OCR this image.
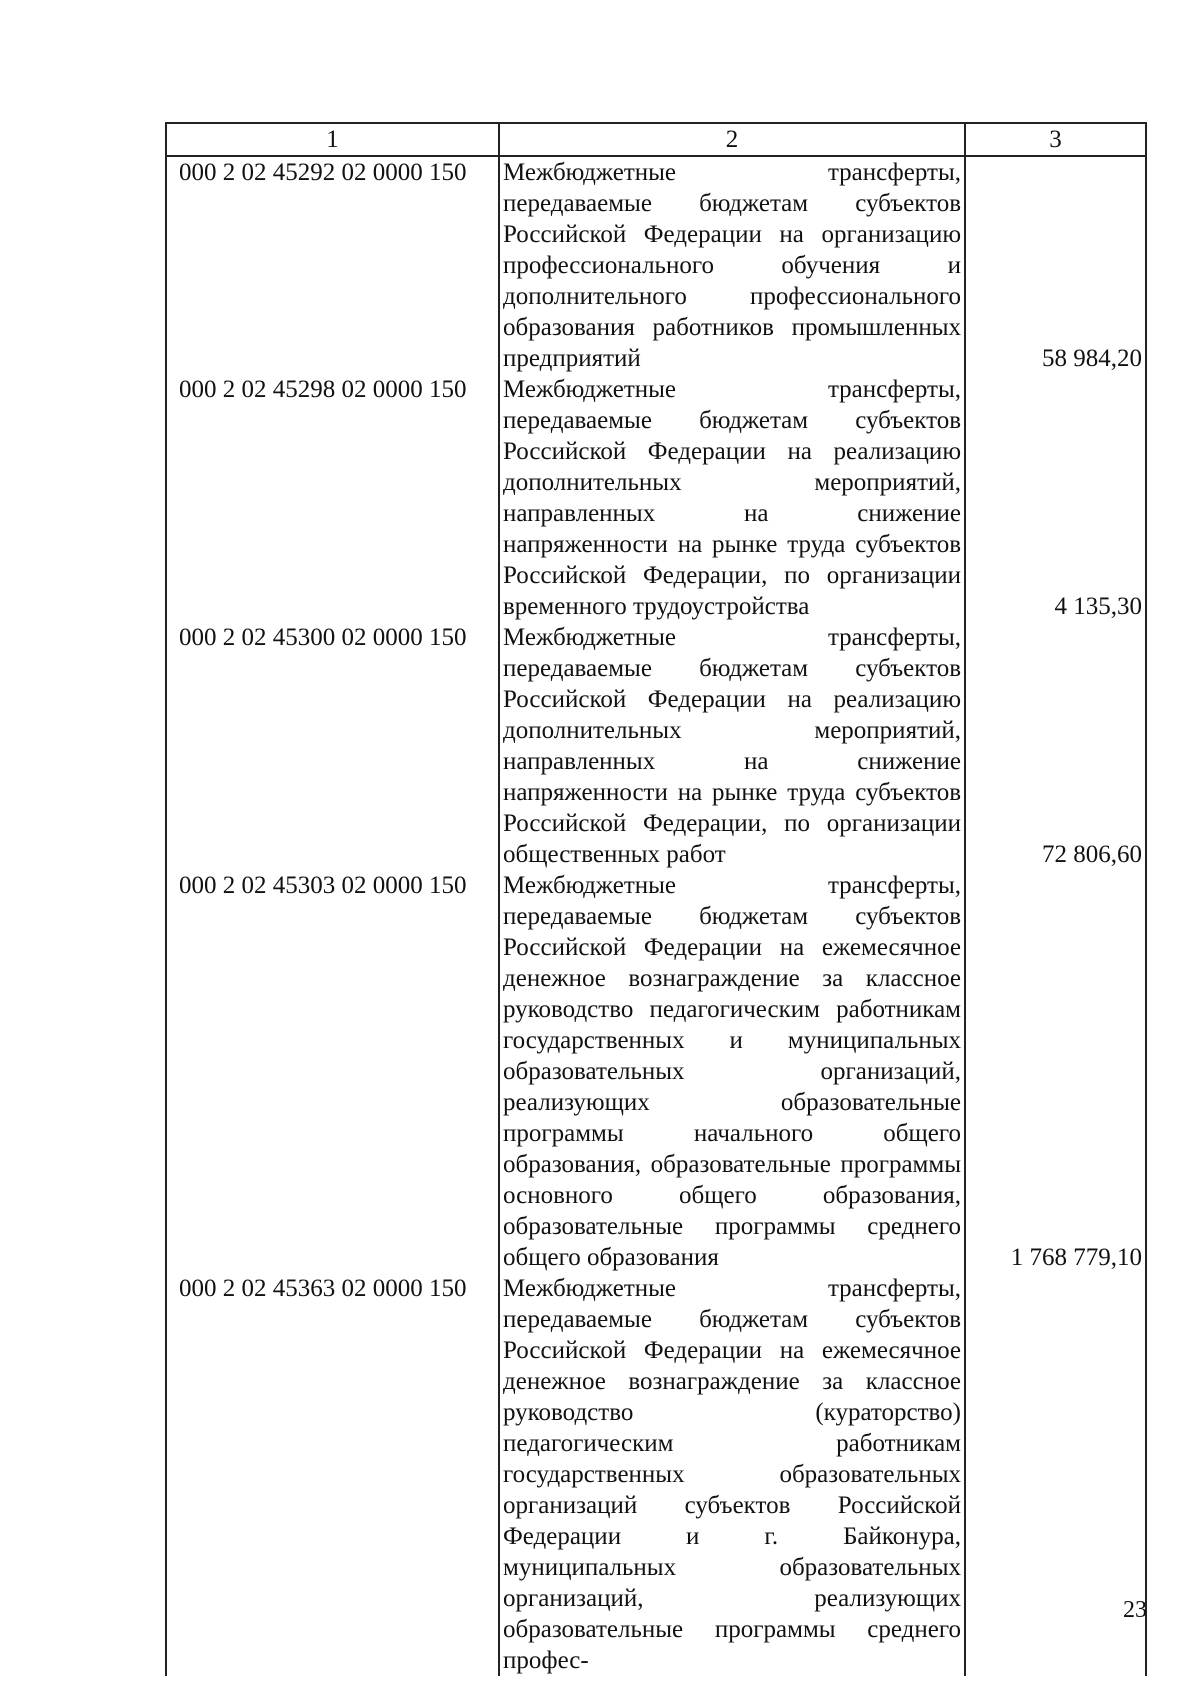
1	2	3
000 2 02 45292 02 0000 150	Межбюджетные трансферты, передаваемые бюджетам субъектов Российской Федерации на организацию профессионального обучения и дополнительного профессионального образования работников промышленных предприятий	58 984,20
000 2 02 45298 02 0000 150	Межбюджетные трансферты, передаваемые бюджетам субъектов Российской Федерации на реализацию дополнительных мероприятий, направленных на снижение напряженности на рынке труда субъектов Российской Федерации, по организации временного трудоустройства	4 135,30
000 2 02 45300 02 0000 150	Межбюджетные трансферты, передаваемые бюджетам субъектов Российской Федерации на реализацию дополнительных мероприятий, направленных на снижение напряженности на рынке труда субъектов Российской Федерации, по организации общественных работ	72 806,60
000 2 02 45303 02 0000 150	Межбюджетные трансферты, передаваемые бюджетам субъектов Российской Федерации на ежемесячное денежное вознаграждение за классное руководство педагогическим работникам государственных и муниципальных образовательных организаций, реализующих образовательные программы начального общего образования, образовательные программы основного общего образования, образовательные программы среднего общего образования	1 768 779,10
000 2 02 45363 02 0000 150	Межбюджетные трансферты, передаваемые бюджетам субъектов Российской Федерации на ежемесячное денежное вознаграждение за классное руководство (кураторство) педагогическим работникам государственных образовательных организаций субъектов Российской Федерации и г. Байконура, муниципальных образовательных организаций, реализующих образовательные программы среднего профес-	

23
